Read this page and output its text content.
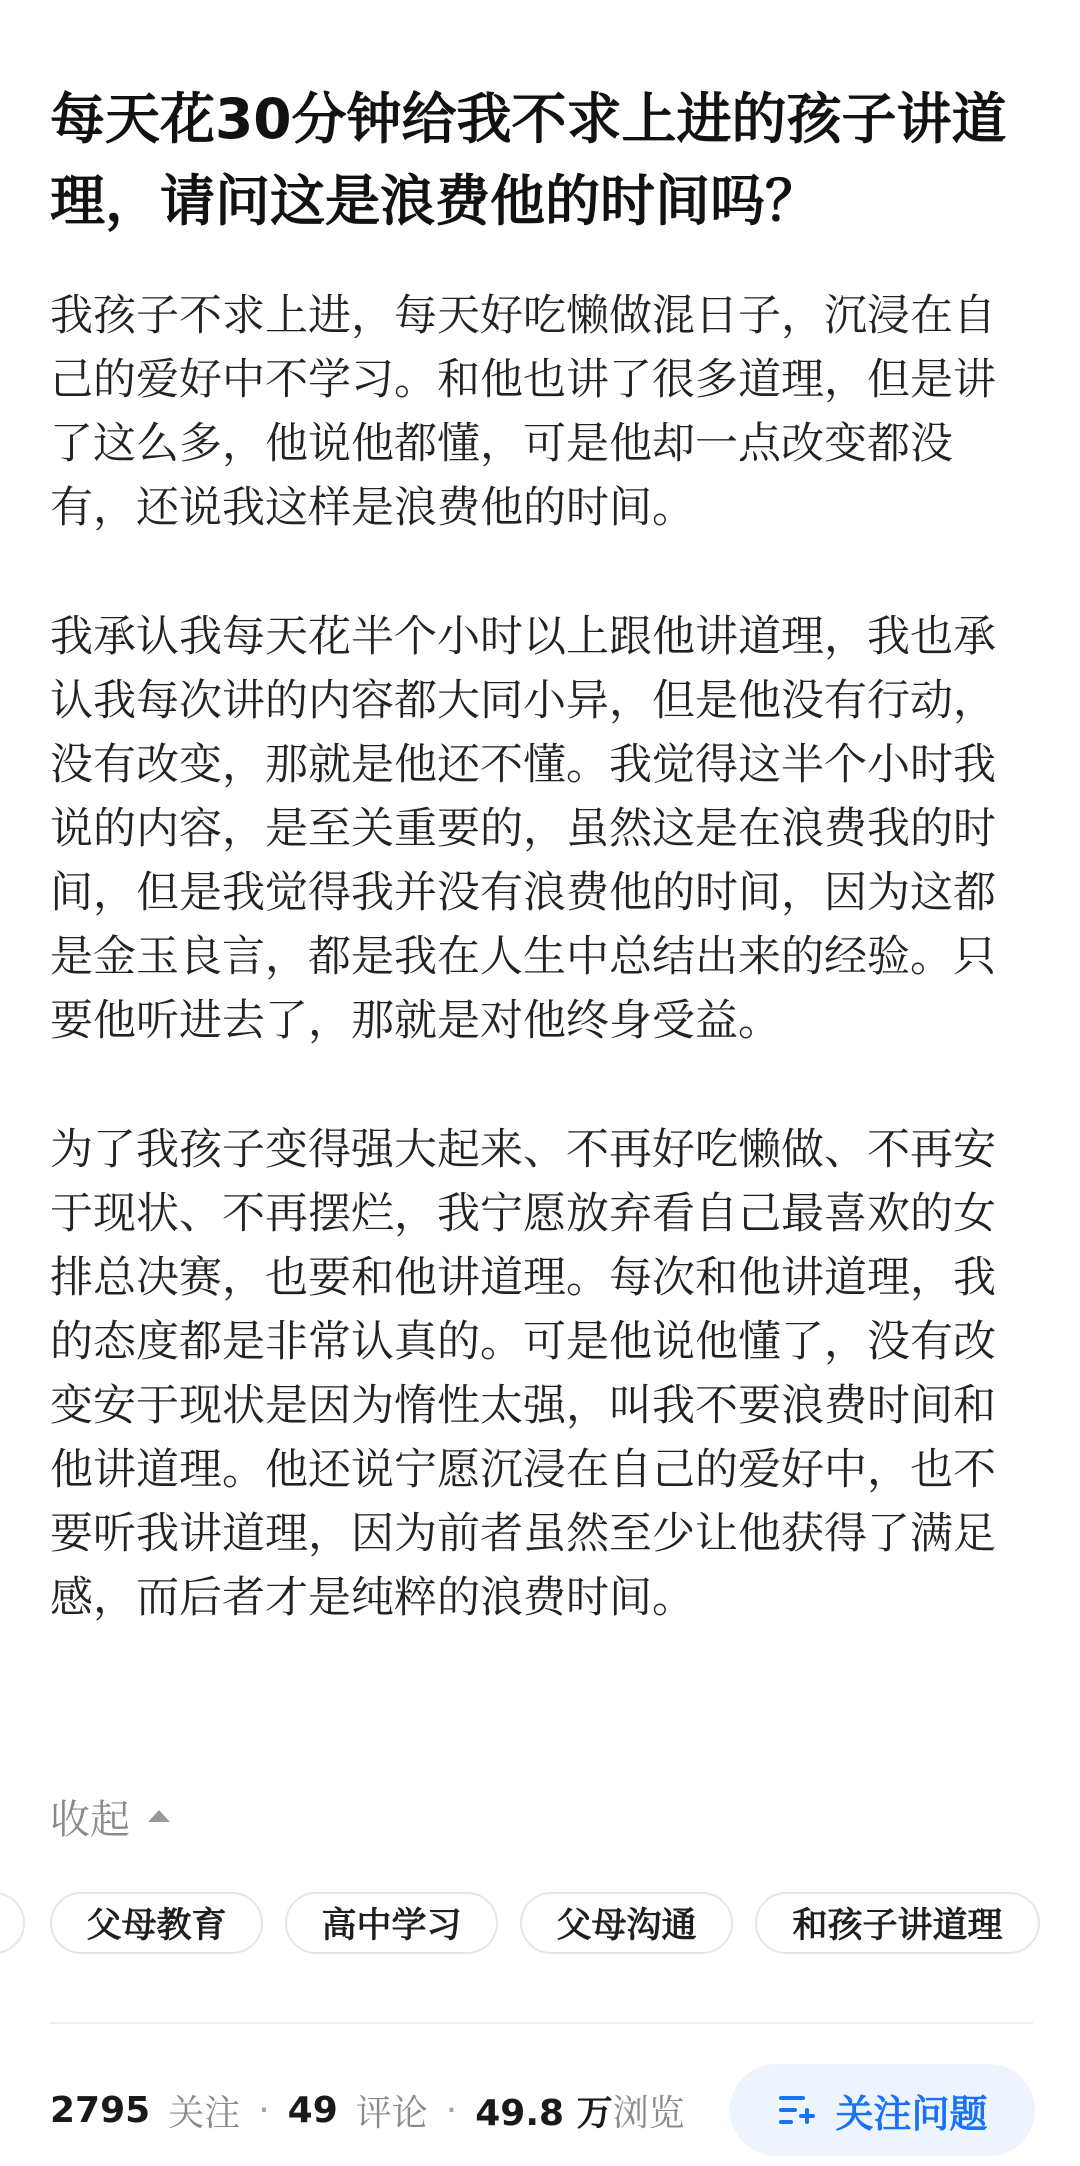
每天花30分钟给我不求上进的孩子讲道理，请问这是浪费他的时间吗？

我孩子不求上进，每天好吃懒做混日子，沉浸在自己的爱好中不学习。和他也讲了很多道理，但是讲了这么多，他说他都懂，可是他却一点改变都没有，还说我这样是浪费他的时间。

我承认我每天花半个小时以上跟他讲道理，我也承认我每次讲的内容都大同小异，但是他没有行动，没有改变，那就是他还不懂。我觉得这半个小时我说的内容，是至关重要的，虽然这是在浪费我的时间，但是我觉得我并没有浪费他的时间，因为这都是金玉良言，都是我在人生中总结出来的经验。只要他听进去了，那就是对他终身受益。

为了我孩子变得强大起来、不再好吃懒做、不再安于现状、不再摆烂，我宁愿放弃看自己最喜欢的女排总决赛，也要和他讲道理。每次和他讲道理，我的态度都是非常认真的。可是他说他懂了，没有改变安于现状是因为惰性太强，叫我不要浪费时间和他讲道理。他还说宁愿沉浸在自己的爱好中，也不要听我讲道理，因为前者虽然至少让他获得了满足感，而后者才是纯粹的浪费时间。

收起
父母教育	高中学习	父母沟通	和孩子讲道理
2795 关注 · 49 评论 · 49.8 万 浏览	关注问题
